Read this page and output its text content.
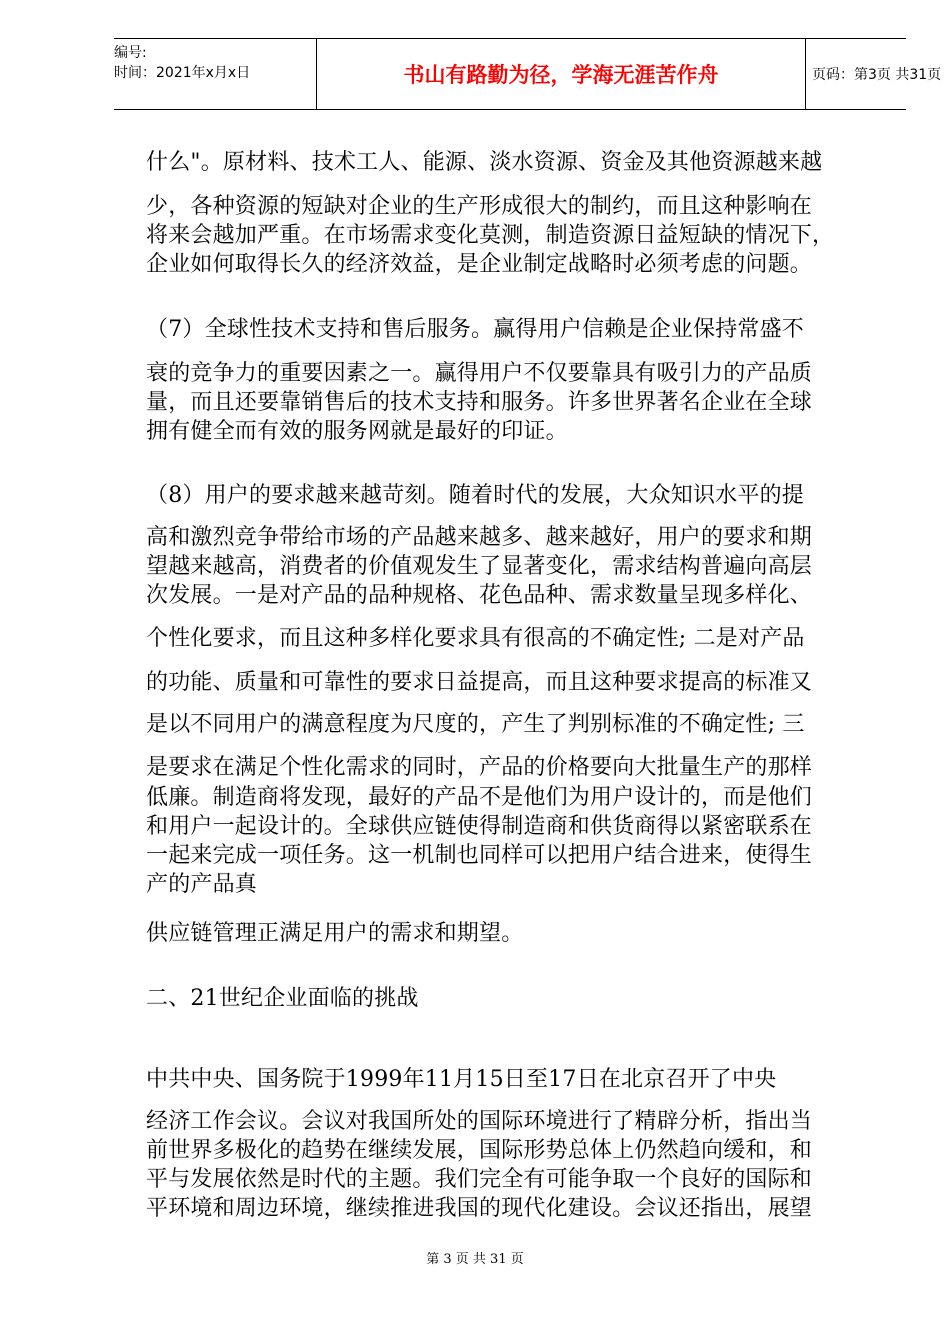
编号:
时间：2021年x月x日	书山有路勤为径，学海无涯苦作舟	页码：第3页 共31页
什么"。原材料、技术工人、能源、淡水资源、资金及其他资源越来越
少，各种资源的短缺对企业的生产形成很大的制约，而且这种影响在
将来会越加严重。在市场需求变化莫测，制造资源日益短缺的情况下，
企业如何取得长久的经济效益，是企业制定战略时必须考虑的问题。
（7）全球性技术支持和售后服务。赢得用户信赖是企业保持常盛不
衰的竞争力的重要因素之一。赢得用户不仅要靠具有吸引力的产品质
量，而且还要靠销售后的技术支持和服务。许多世界著名企业在全球
拥有健全而有效的服务网就是最好的印证。
（8）用户的要求越来越苛刻。随着时代的发展，大众知识水平的提
高和激烈竞争带给市场的产品越来越多、越来越好，用户的要求和期
望越来越高，消费者的价值观发生了显著变化，需求结构普遍向高层
次发展。一是对产品的品种规格、花色品种、需求数量呈现多样化、
个性化要求，而且这种多样化要求具有很高的不确定性; 二是对产品
的功能、质量和可靠性的要求日益提高，而且这种要求提高的标准又
是以不同用户的满意程度为尺度的，产生了判别标准的不确定性; 三
是要求在满足个性化需求的同时，产品的价格要向大批量生产的那样
低廉。制造商将发现，最好的产品不是他们为用户设计的，而是他们
和用户一起设计的。全球供应链使得制造商和供货商得以紧密联系在
一起来完成一项任务。这一机制也同样可以把用户结合进来，使得生
产的产品真
供应链管理正满足用户的需求和期望。
二、21世纪企业面临的挑战
中共中央、国务院于1999年11月15日至17日在北京召开了中央
经济工作会议。会议对我国所处的国际环境进行了精辟分析，指出当
前世界多极化的趋势在继续发展，国际形势总体上仍然趋向缓和，和
平与发展依然是时代的主题。我们完全有可能争取一个良好的国际和
平环境和周边环境，继续推进我国的现代化建设。会议还指出，展望
第 3 页 共 31 页
